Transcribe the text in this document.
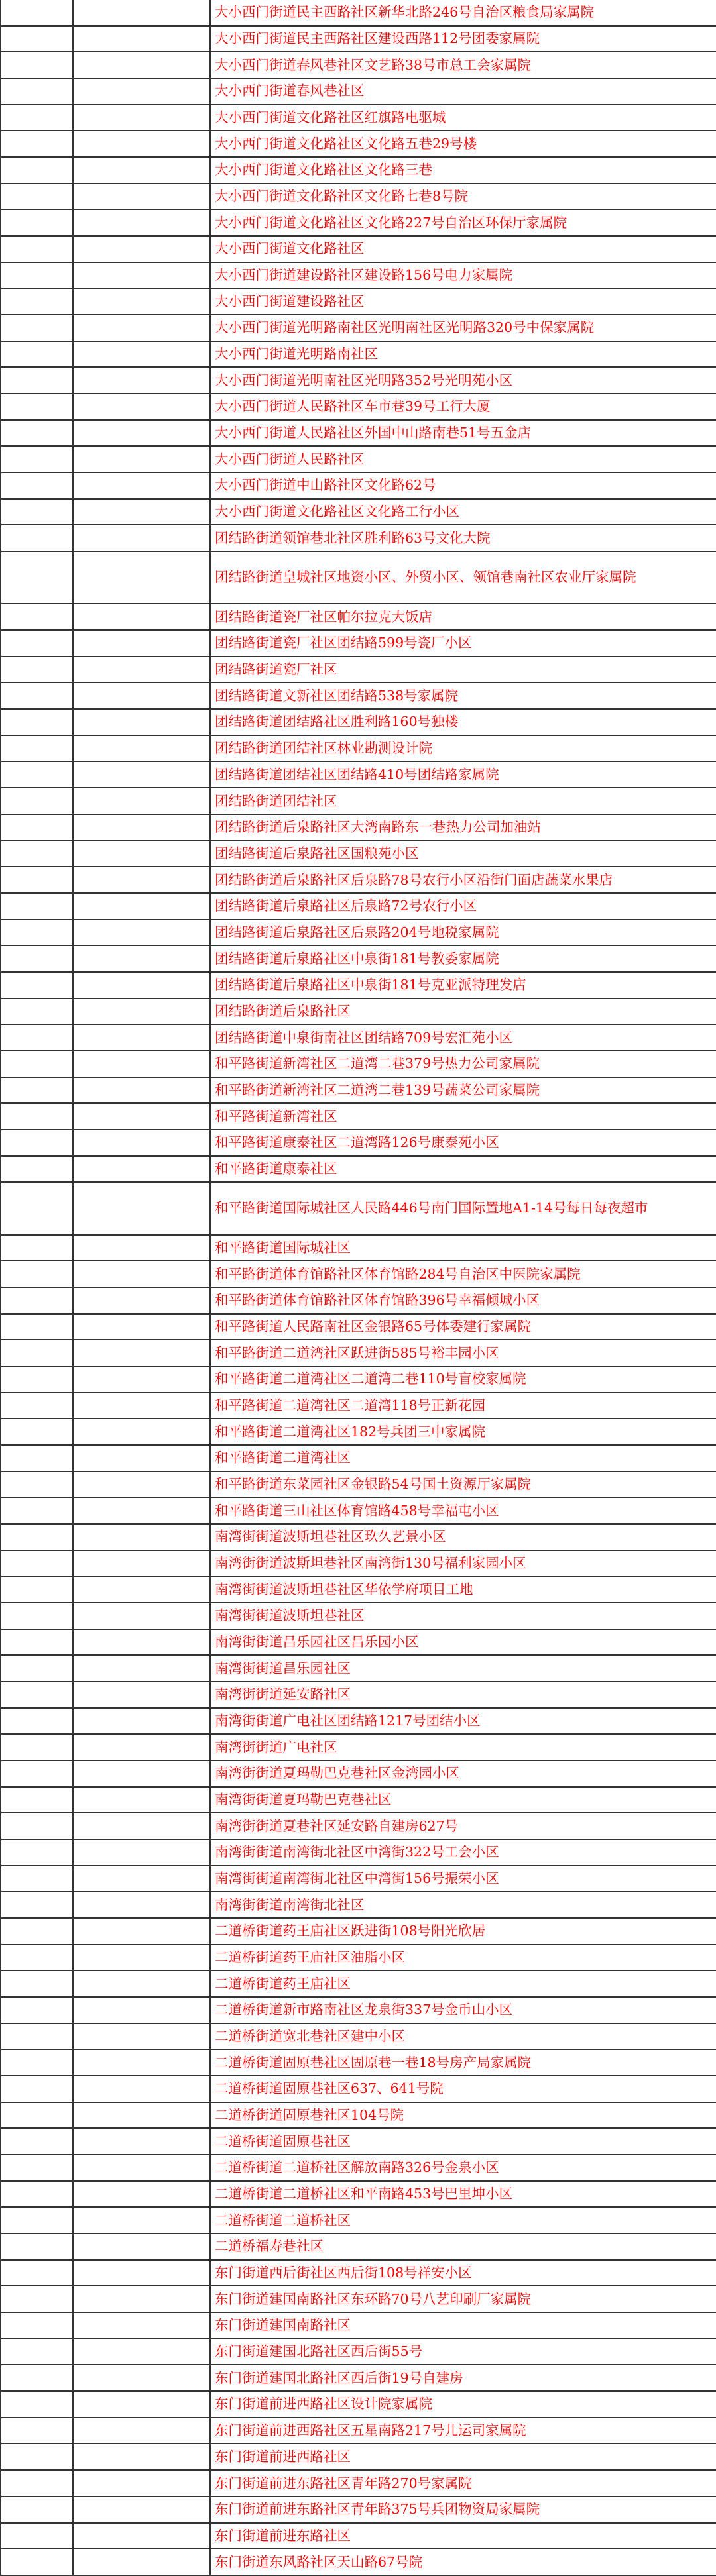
大小西门街道民主西路社区新华北路246号自治区粮食局家属院
大小西门街道民主西路社区建设西路112号团委家属院
大小西门街道春风巷社区文艺路38号市总工会家属院
大小西门街道春风巷社区
大小西门街道文化路社区红旗路电驱城
大小西门街道文化路社区文化路五巷29号楼
大小西门街道文化路社区文化路三巷
大小西门街道文化路社区文化路七巷8号院
大小西门街道文化路社区文化路227号自治区环保厅家属院
大小西门街道文化路社区
大小西门街道建设路社区建设路156号电力家属院
大小西门街道建设路社区
大小西门街道光明路南社区光明南社区光明路320号中保家属院
大小西门街道光明路南社区
大小西门街道光明南社区光明路352号光明苑小区
大小西门街道人民路社区车市巷39号工行大厦
大小西门街道人民路社区外国中山路南巷51号五金店
大小西门街道人民路社区
大小西门街道中山路社区文化路62号
大小西门街道文化路社区文化路工行小区
团结路街道领馆巷北社区胜利路63号文化大院
团结路街道皇城社区地资小区、外贸小区、领馆巷南社区农业厅家属院
团结路街道瓷厂社区帕尔拉克大饭店
团结路街道瓷厂社区团结路599号瓷厂小区
团结路街道瓷厂社区
团结路街道文新社区团结路538号家属院
团结路街道团结路社区胜利路160号独楼
团结路街道团结社区林业勘测设计院
团结路街道团结社区团结路410号团结路家属院
团结路街道团结社区
团结路街道后泉路社区大湾南路东一巷热力公司加油站
团结路街道后泉路社区国粮苑小区
团结路街道后泉路社区后泉路78号农行小区沿街门面店蔬菜水果店
团结路街道后泉路社区后泉路72号农行小区
团结路街道后泉路社区后泉路204号地税家属院
团结路街道后泉路社区中泉街181号教委家属院
团结路街道后泉路社区中泉街181号克亚派特理发店
团结路街道后泉路社区
团结路街道中泉街南社区团结路709号宏汇苑小区
和平路街道新湾社区二道湾二巷379号热力公司家属院
和平路街道新湾社区二道湾二巷139号蔬菜公司家属院
和平路街道新湾社区
和平路街道康泰社区二道湾路126号康泰苑小区
和平路街道康泰社区
和平路街道国际城社区人民路446号南门国际置地A1-14号每日每夜超市
和平路街道国际城社区
和平路街道体育馆路社区体育馆路284号自治区中医院家属院
和平路街道体育馆路社区体育馆路396号幸福倾城小区
和平路街道人民路南社区金银路65号体委建行家属院
和平路街道二道湾社区跃进街585号裕丰园小区
和平路街道二道湾社区二道湾二巷110号盲校家属院
和平路街道二道湾社区二道湾118号正新花园
和平路街道二道湾社区182号兵团三中家属院
和平路街道二道湾社区
和平路街道东菜园社区金银路54号国土资源厅家属院
和平路街道三山社区体育馆路458号幸福屯小区
南湾街街道波斯坦巷社区玖久艺景小区
南湾街街道波斯坦巷社区南湾街130号福利家园小区
南湾街街道波斯坦巷社区华依学府项目工地
南湾街街道波斯坦巷社区
南湾街街道昌乐园社区昌乐园小区
南湾街街道昌乐园社区
南湾街街道延安路社区
南湾街街道广电社区团结路1217号团结小区
南湾街街道广电社区
南湾街街道夏玛勒巴克巷社区金湾园小区
南湾街街道夏玛勒巴克巷社区
南湾街街道夏巷社区延安路自建房627号
南湾街街道南湾街北社区中湾街322号工会小区
南湾街街道南湾街北社区中湾街156号振荣小区
南湾街街道南湾街北社区
二道桥街道药王庙社区跃进街108号阳光欣居
二道桥街道药王庙社区油脂小区
二道桥街道药王庙社区
二道桥街道新市路南社区龙泉街337号金币山小区
二道桥街道宽北巷社区建中小区
二道桥街道固原巷社区固原巷一巷18号房产局家属院
二道桥街道固原巷社区637、641号院
二道桥街道固原巷社区104号院
二道桥街道固原巷社区
二道桥街道二道桥社区解放南路326号金泉小区
二道桥街道二道桥社区和平南路453号巴里坤小区
二道桥街道二道桥社区
二道桥福寿巷社区
东门街道西后街社区西后街108号祥安小区
东门街道建国南路社区东环路70号八艺印刷厂家属院
东门街道建国南路社区
东门街道建国北路社区西后街55号
东门街道建国北路社区西后街19号自建房
东门街道前进西路社区设计院家属院
东门街道前进西路社区五星南路217号儿运司家属院
东门街道前进西路社区
东门街道前进东路社区青年路270号家属院
东门街道前进东路社区青年路375号兵团物资局家属院
东门街道前进东路社区
东门街道东风路社区天山路67号院
